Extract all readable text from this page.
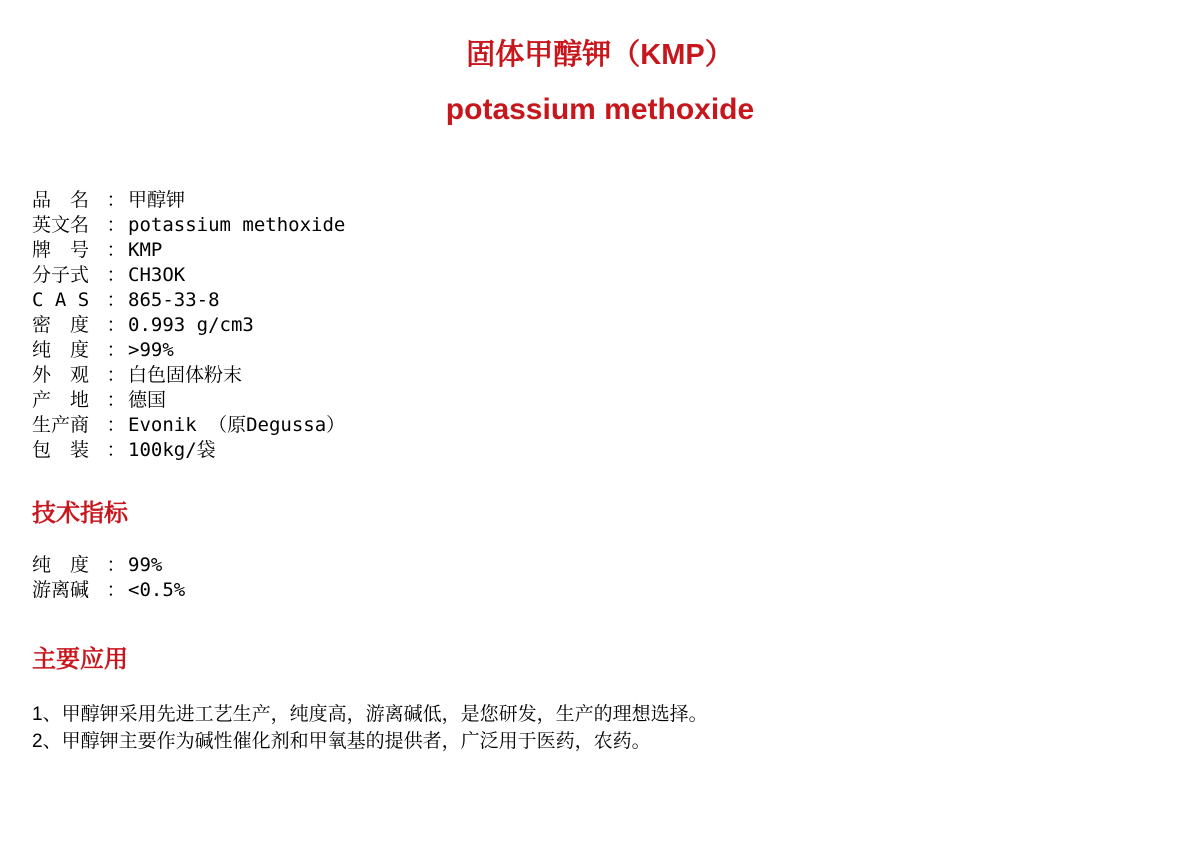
固体甲醇钾（KMP）
potassium methoxide
品　名 ： 甲醇钾
英文名 ： potassium methoxide
牌　号 ： KMP
分子式 ： CH3OK
C A S ： 865-33-8
密　度 ： 0.993 g/cm3
纯　度 ： >99%
外　观 ： 白色固体粉末
产　地 ： 德国
生产商 ： Evonik （原Degussa）
包　装 ： 100kg/袋
技术指标
纯　度 ： 99%
游离碱 ： <0.5%
主要应用

1、甲醇钾采用先进工艺生产，纯度高，游离碱低，是您研发，生产的理想选择。

2、甲醇钾主要作为碱性催化剂和甲氧基的提供者，广泛用于医药，农药。
